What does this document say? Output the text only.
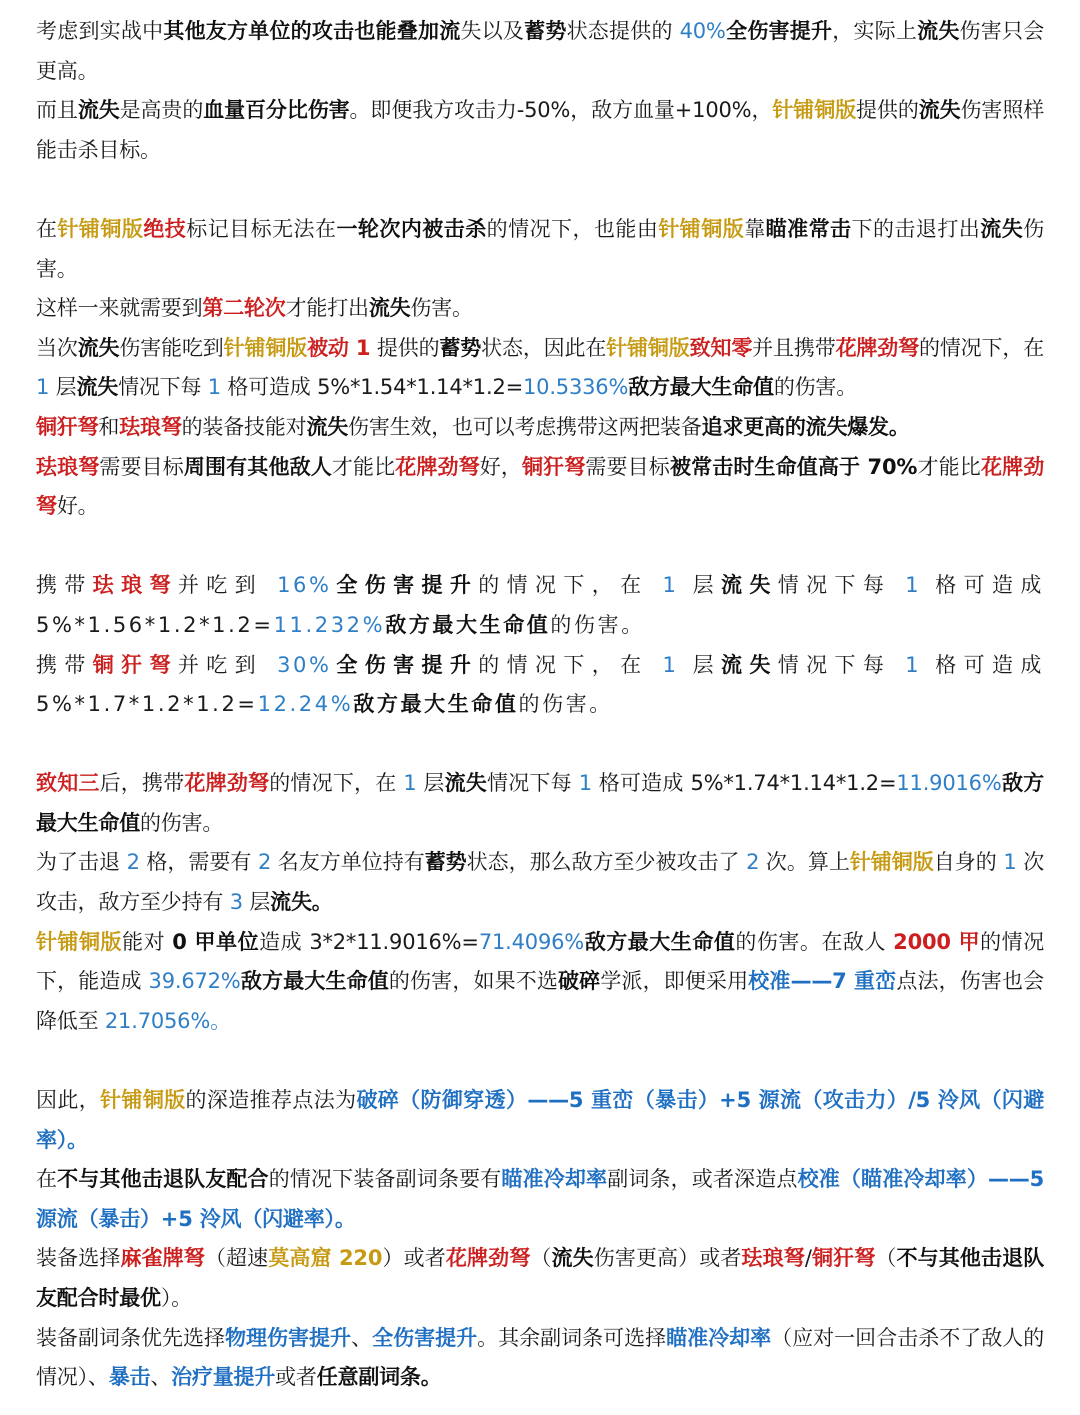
考虑到实战中其他友方单位的攻击也能叠加流失以及蓄势状态提供的 40%全伤害提升，实际上流失伤害只会更高。

而且流失是高贵的血量百分比伤害。即便我方攻击力-50%，敌方血量+100%，针铺铜版提供的流失伤害照样能击杀目标。

在针铺铜版绝技标记目标无法在一轮次内被击杀的情况下，也能由针铺铜版靠瞄准常击下的击退打出流失伤害。

这样一来就需要到第二轮次才能打出流失伤害。

当次流失伤害能吃到针铺铜版被动 1 提供的蓄势状态，因此在针铺铜版致知零并且携带花牌劲弩的情况下，在 1 层流失情况下每 1 格可造成 5%*1.54*1.14*1.2=10.5336%敌方最大生命值的伤害。

铜犴弩和珐琅弩的装备技能对流失伤害生效，也可以考虑携带这两把装备追求更高的流失爆发。

珐琅弩需要目标周围有其他敌人才能比花牌劲弩好，铜犴弩需要目标被常击时生命值高于 70%才能比花牌劲弩好。

携带珐琅弩并吃到 16%全伤害提升的情况下，在 1 层流失情况下每 1 格可造成 5%*1.56*1.2*1.2=11.232%敌方最大生命值的伤害。

携带铜犴弩并吃到 30%全伤害提升的情况下，在 1 层流失情况下每 1 格可造成 5%*1.7*1.2*1.2=12.24%敌方最大生命值的伤害。

致知三后，携带花牌劲弩的情况下，在 1 层流失情况下每 1 格可造成 5%*1.74*1.14*1.2=11.9016%敌方最大生命值的伤害。

为了击退 2 格，需要有 2 名友方单位持有蓄势状态，那么敌方至少被攻击了 2 次。算上针铺铜版自身的 1 次攻击，敌方至少持有 3 层流失。

针铺铜版能对 0 甲单位造成 3*2*11.9016%=71.4096%敌方最大生命值的伤害。在敌人 2000 甲的情况下，能造成 39.672%敌方最大生命值的伤害，如果不选破碎学派，即便采用校准——7 重峦点法，伤害也会降低至 21.7056%。

因此，针铺铜版的深造推荐点法为破碎（防御穿透）——5 重峦（暴击）+5 源流（攻击力）/5 泠风（闪避率）。

在不与其他击退队友配合的情况下装备副词条要有瞄准冷却率副词条，或者深造点校准（瞄准冷却率）——5 源流（暴击）+5 泠风（闪避率）。

装备选择麻雀牌弩（超速莫高窟 220）或者花牌劲弩（流失伤害更高）或者珐琅弩/铜犴弩（不与其他击退队友配合时最优）。

装备副词条优先选择物理伤害提升、全伤害提升。其余副词条可选择瞄准冷却率（应对一回合击杀不了敌人的情况）、暴击、治疗量提升或者任意副词条。
